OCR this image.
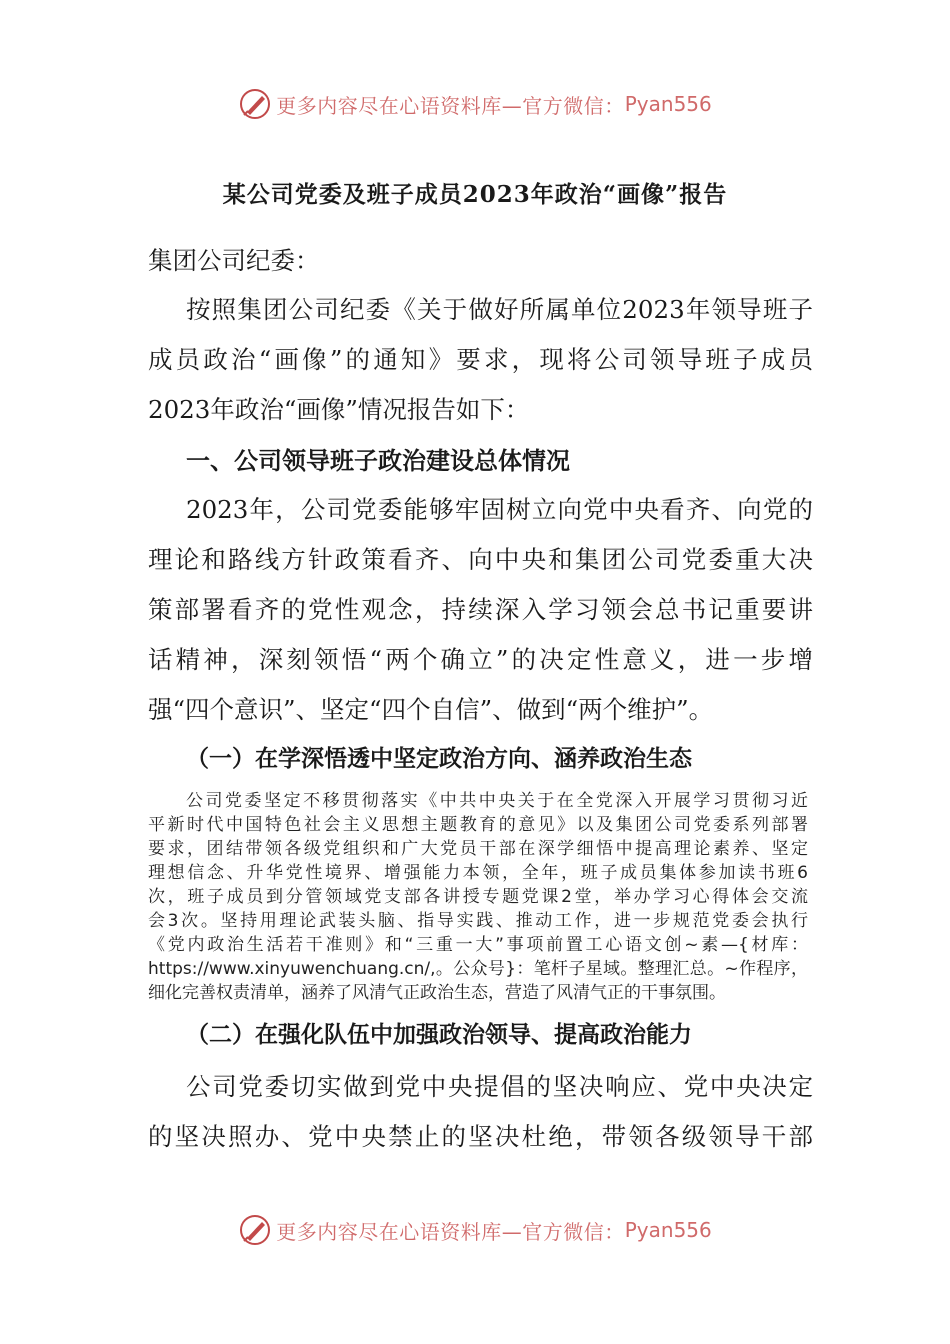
更多内容尽在心语资料库—官方微信： Pyan556
某公司党委及班子成员2023年政治“画像”报告
集团公司纪委：
按照集团公司纪委《关于做好所属单位2023年领导班子
成员政治“画像”的通知》要求，现将公司领导班子成员
2023年政治“画像”情况报告如下：
一、公司领导班子政治建设总体情况
2023年，公司党委能够牢固树立向党中央看齐、向党的
理论和路线方针政策看齐、向中央和集团公司党委重大决
策部署看齐的党性观念，持续深入学习领会总书记重要讲
话精神，深刻领悟“两个确立”的决定性意义，进一步增
强“四个意识”、坚定“四个自信”、做到“两个维护”。
（一）在学深悟透中坚定政治方向、涵养政治生态
公司党委坚定不移贯彻落实《中共中央关于在全党深入开展学习贯彻习近
平新时代中国特色社会主义思想主题教育的意见》以及集团公司党委系列部署
要求，团结带领各级党组织和广大党员干部在深学细悟中提高理论素养、坚定
理想信念、升华党性境界、增强能力本领，全年，班子成员集体参加读书班6
次，班子成员到分管领域党支部各讲授专题党课2堂，举办学习心得体会交流
会3次。坚持用理论武装头脑、指导实践、推动工作，进一步规范党委会执行
《党内政治生活若干准则》和“三重一大”事项前置工心语文创~素—{材库：
https://www.xinyuwenchuang.cn/,。公众号}：笔杆子星域。整理汇总。~作程序，
细化完善权责清单，涵养了风清气正政治生态，营造了风清气正的干事氛围。
（二）在强化队伍中加强政治领导、提高政治能力
公司党委切实做到党中央提倡的坚决响应、党中央决定
的坚决照办、党中央禁止的坚决杜绝，带领各级领导干部
更多内容尽在心语资料库—官方微信： Pyan556
